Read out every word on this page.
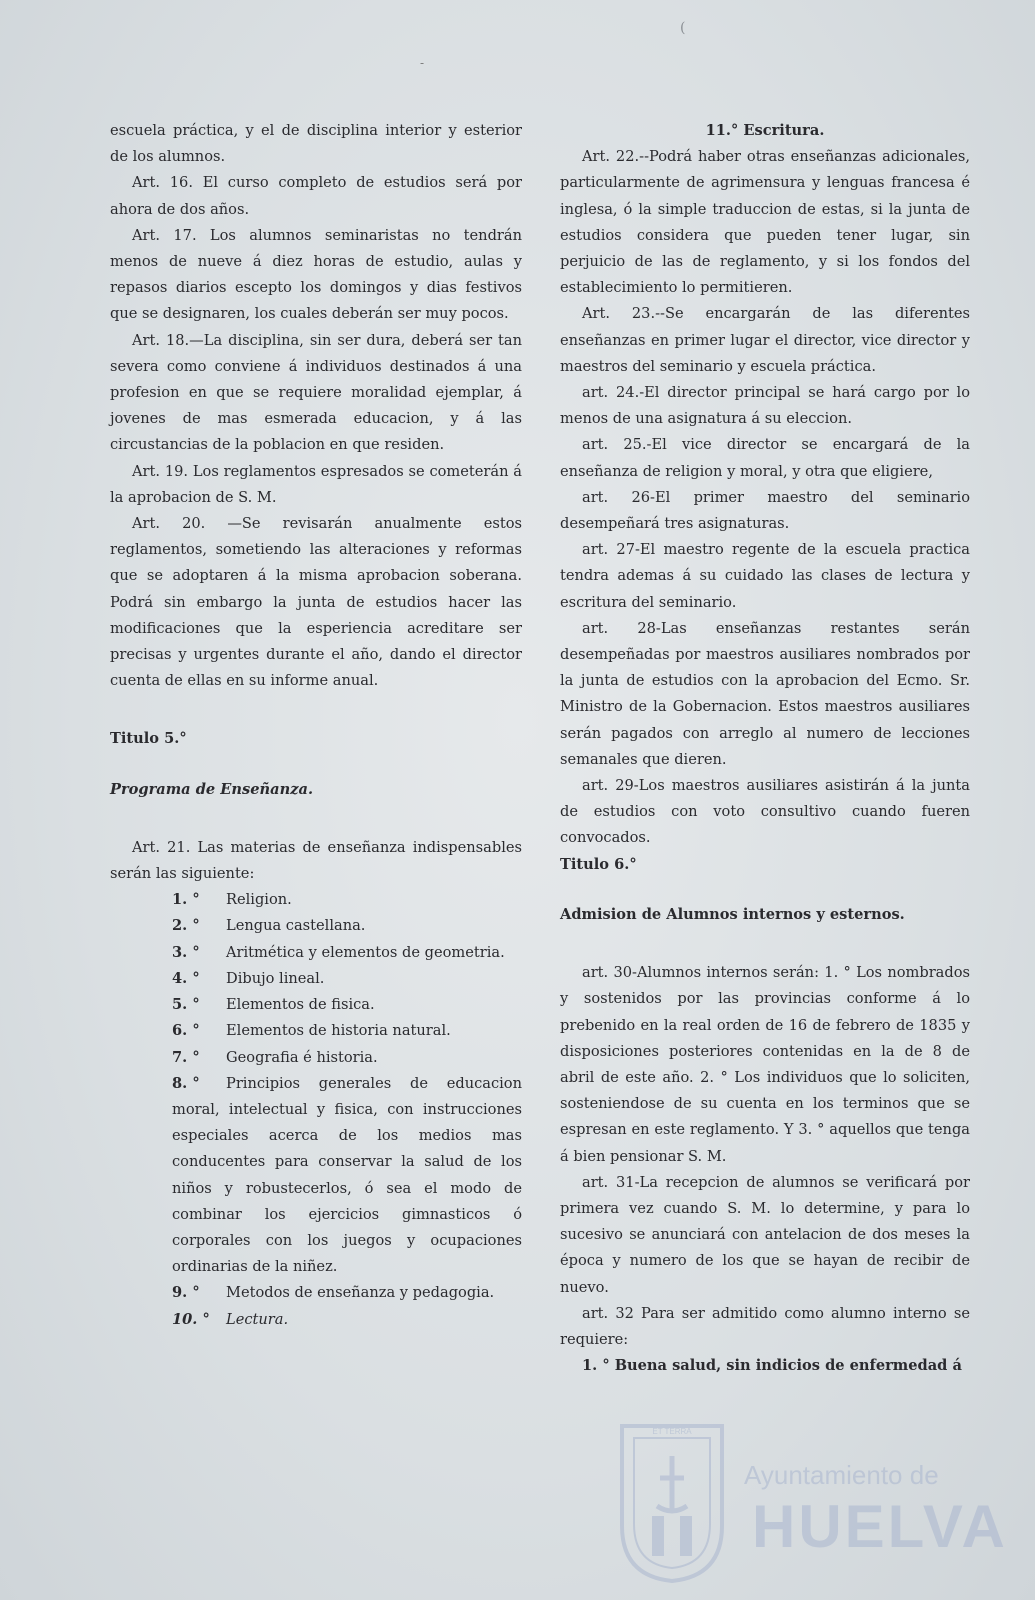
(
-

escuela práctica, y el de disciplina interior y esterior de los alumnos.

Art. 16. El curso completo de estudios será por ahora de dos años.

Art. 17. Los alumnos seminaristas no tendrán menos de nueve á diez horas de estudio, aulas y repasos diarios escepto los domingos y dias festivos que se designaren, los cuales deberán ser muy pocos.

Art. 18.—La disciplina, sin ser dura, deberá ser tan severa como conviene á individuos destinados á una profesion en que se requiere moralidad ejemplar, á jovenes de mas esmerada educacion, y á las circustancias de la poblacion en que residen.

Art. 19. Los reglamentos espresados se cometerán á la aprobacion de S. M.

Art. 20. —Se revisarán anualmente estos reglamentos, sometiendo las alteraciones y reformas que se adoptaren á la misma aprobacion soberana. Podrá sin embargo la junta de estudios hacer las modificaciones que la esperiencia acreditare ser precisas y urgentes durante el año, dando el director cuenta de ellas en su informe anual.

Titulo 5.°

Programa de Enseñanza.

Art. 21. Las materias de enseñanza indispensables serán las siguiente:

1. ° Religion.

2. ° Lengua castellana.

3. ° Aritmética y elementos de geometria.

4. ° Dibujo lineal.

5. ° Elementos de fisica.

6. ° Elementos de historia natural.

7. ° Geografia é historia.

8. ° Principios generales de educacion moral, intelectual y fisica, con instrucciones especiales acerca de los medios mas conducentes para conservar la salud de los niños y robustecerlos, ó sea el modo de combinar los ejercicios gimnasticos ó corporales con los juegos y ocupaciones ordinarias de la niñez.

9. ° Metodos de enseñanza y pedagogia.

10. ° Lectura.

11.° Escritura.

Art. 22.--Podrá haber otras enseñanzas adicionales, particularmente de agrimensura y lenguas francesa é inglesa, ó la simple traduccion de estas, si la junta de estudios considera que pueden tener lugar, sin perjuicio de las de reglamento, y si los fondos del establecimiento lo permitieren.

Art. 23.--Se encargarán de las diferentes enseñanzas en primer lugar el director, vice director y maestros del seminario y escuela práctica.

art. 24.-El director principal se hará cargo por lo menos de una asignatura á su eleccion.

art. 25.-El vice director se encargará de la enseñanza de religion y moral, y otra que eligiere,

art. 26-El primer maestro del seminario desempeñará tres asignaturas.

art. 27-El maestro regente de la escuela practica tendra ademas á su cuidado las clases de lectura y escritura del seminario.

art. 28-Las enseñanzas restantes serán desempeñadas por maestros ausiliares nombrados por la junta de estudios con la aprobacion del Ecmo. Sr. Ministro de la Gobernacion. Estos maestros ausiliares serán pagados con arreglo al numero de lecciones semanales que dieren.

art. 29-Los maestros ausiliares asistirán á la junta de estudios con voto consultivo cuando fueren convocados.

Titulo 6.°

Admision de Alumnos internos y esternos.

art. 30-Alumnos internos serán: 1. ° Los nombrados y sostenidos por las provincias conforme á lo prebenido en la real orden de 16 de febrero de 1835 y disposiciones posteriores contenidas en la de 8 de abril de este año. 2. ° Los individuos que lo soliciten, sosteniendose de su cuenta en los terminos que se espresan en este reglamento. Y 3. ° aquellos que tenga á bien pensionar S. M.

art. 31-La recepcion de alumnos se verificará por primera vez cuando S. M. lo determine, y para lo sucesivo se anunciará con antelacion de dos meses la época y numero de los que se hayan de recibir de nuevo.

art. 32 Para ser admitido como alumno interno se requiere:

1. ° Buena salud, sin indicios de enfermedad á

ET TERRA
Ayuntamiento de
HUELVA
